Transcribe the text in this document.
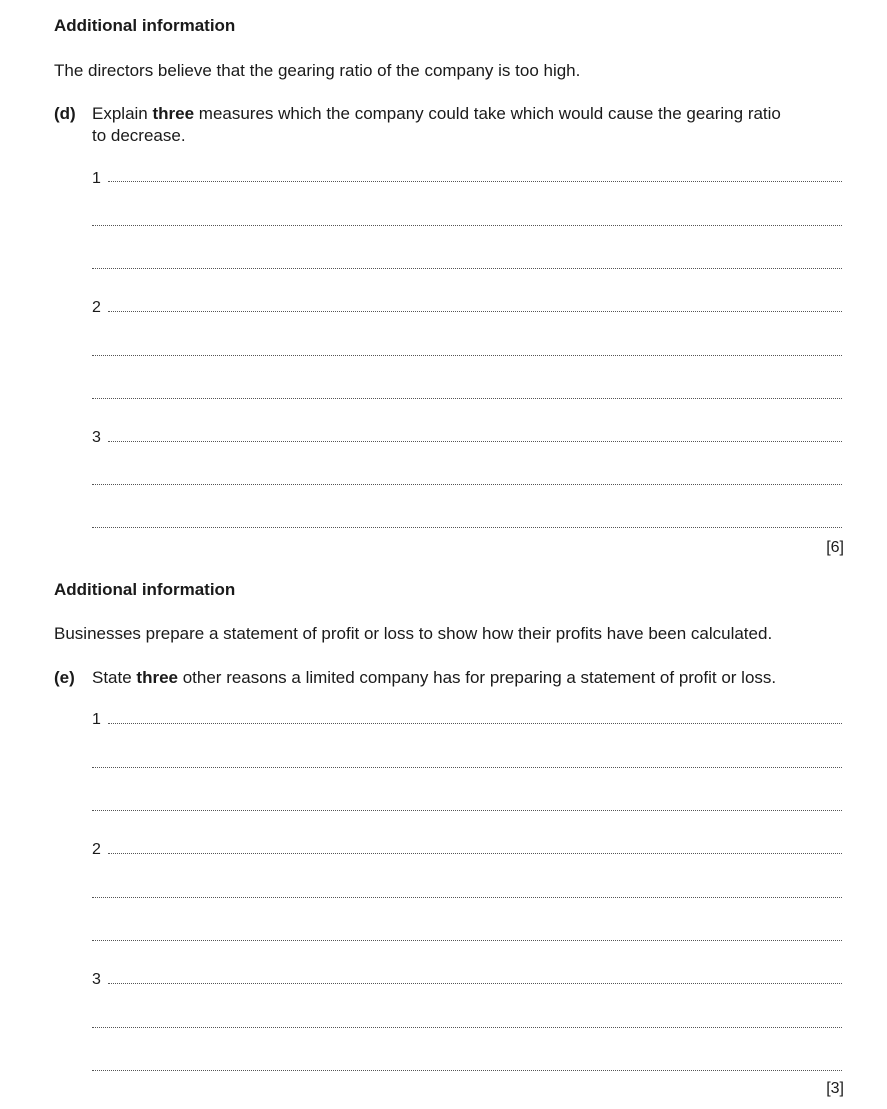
Additional information
The directors believe that the gearing ratio of the company is too high.
(d) Explain three measures which the company could take which would cause the gearing ratio
to decrease.
1
2
3
[6]
Additional information
Businesses prepare a statement of profit or loss to show how their profits have been calculated.
(e) State three other reasons a limited company has for preparing a statement of profit or loss.
1
2
3
[3]
